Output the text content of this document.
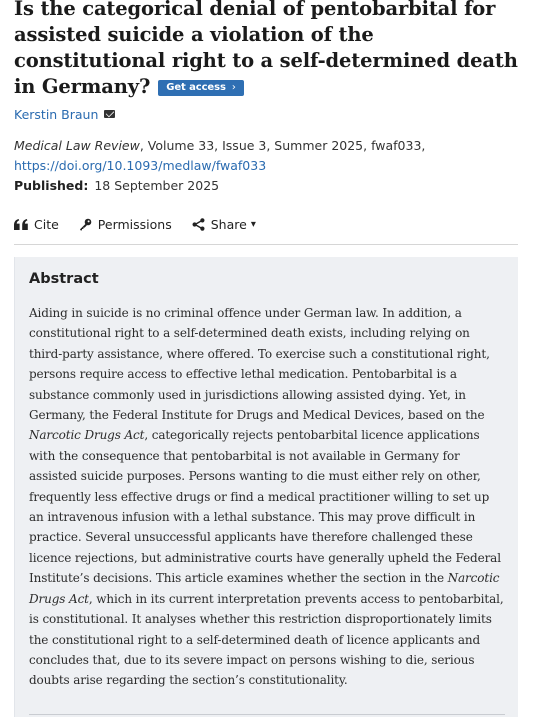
Is the categorical denial of pentobarbital for assisted suicide a violation of the constitutional right to a self-determined death in Germany? Get access ›
Kerstin Braun
Medical Law Review, Volume 33, Issue 3, Summer 2025, fwaf033,
https://doi.org/10.1093/medlaw/fwaf033
Published: 18 September 2025
Cite	Permissions	Share ▾
Abstract

Aiding in suicide is no criminal offence under German law. In addition, a constitutional right to a self-determined death exists, including relying on third-party assistance, where offered. To exercise such a constitutional right, persons require access to effective lethal medication. Pentobarbital is a substance commonly used in jurisdictions allowing assisted dying. Yet, in Germany, the Federal Institute for Drugs and Medical Devices, based on the Narcotic Drugs Act, categorically rejects pentobarbital licence applications with the consequence that pentobarbital is not available in Germany for assisted suicide purposes. Persons wanting to die must either rely on other, frequently less effective drugs or find a medical practitioner willing to set up an intravenous infusion with a lethal substance. This may prove difficult in practice. Several unsuccessful applicants have therefore challenged these licence rejections, but administrative courts have generally upheld the Federal Institute’s decisions. This article examines whether the section in the Narcotic Drugs Act, which in its current interpretation prevents access to pentobarbital, is constitutional. It analyses whether this restriction disproportionately limits the constitutional right to a self-determined death of licence applicants and concludes that, due to its severe impact on persons wishing to die, serious doubts arise regarding the section’s constitutionality.
